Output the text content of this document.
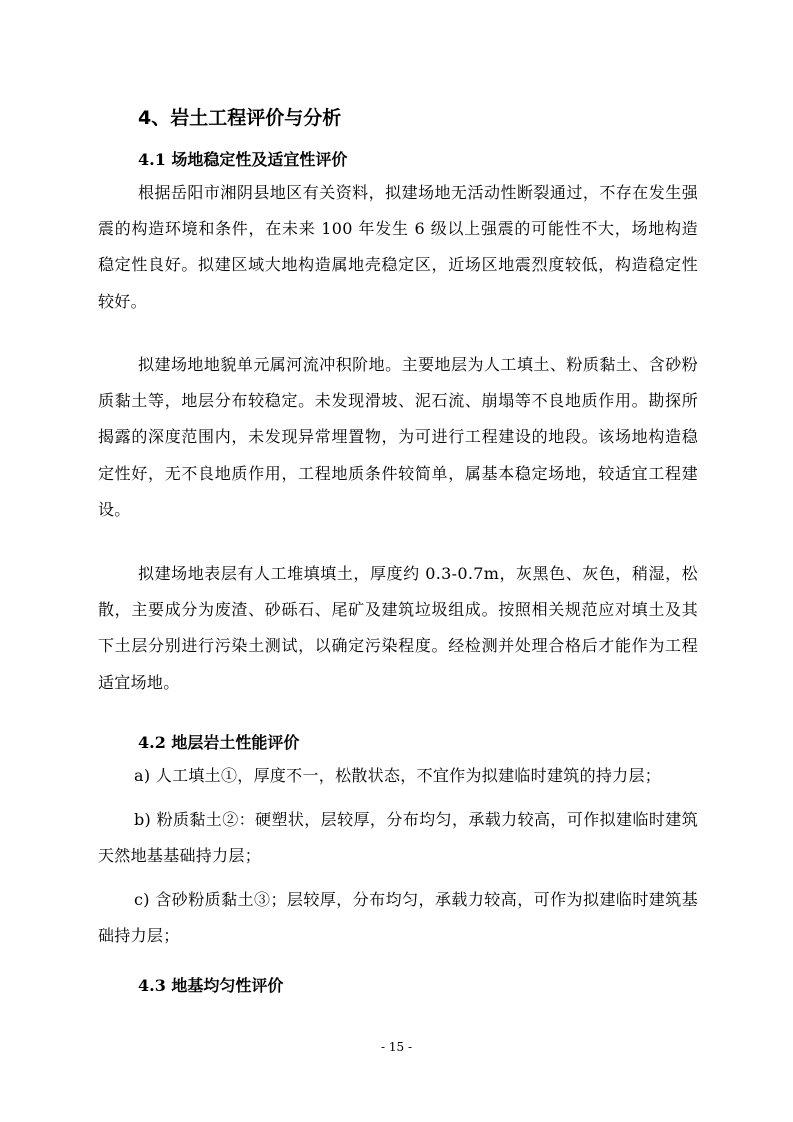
4、岩土工程评价与分析
4.1 场地稳定性及适宜性评价

根据岳阳市湘阴县地区有关资料，拟建场地无活动性断裂通过，不存在发生强震的构造环境和条件，在未来 100 年发生 6 级以上强震的可能性不大，场地构造稳定性良好。拟建区域大地构造属地壳稳定区，近场区地震烈度较低，构造稳定性较好。

拟建场地地貌单元属河流冲积阶地。主要地层为人工填土、粉质黏土、含砂粉质黏土等，地层分布较稳定。未发现滑坡、泥石流、崩塌等不良地质作用。勘探所揭露的深度范围内，未发现异常埋置物，为可进行工程建设的地段。该场地构造稳定性好，无不良地质作用，工程地质条件较简单，属基本稳定场地，较适宜工程建设。

拟建场地表层有人工堆填填土，厚度约 0.3-0.7m，灰黑色、灰色，稍湿，松散，主要成分为废渣、砂砾石、尾矿及建筑垃圾组成。按照相关规范应对填土及其下土层分别进行污染土测试，以确定污染程度。经检测并处理合格后才能作为工程适宜场地。

4.2 地层岩土性能评价

a) 人工填土①，厚度不一，松散状态，不宜作为拟建临时建筑的持力层；

b) 粉质黏土②：硬塑状，层较厚，分布均匀，承载力较高，可作拟建临时建筑天然地基基础持力层；

c) 含砂粉质黏土③；层较厚，分布均匀，承载力较高，可作为拟建临时建筑基础持力层；

4.3 地基均匀性评价
- 15 -
